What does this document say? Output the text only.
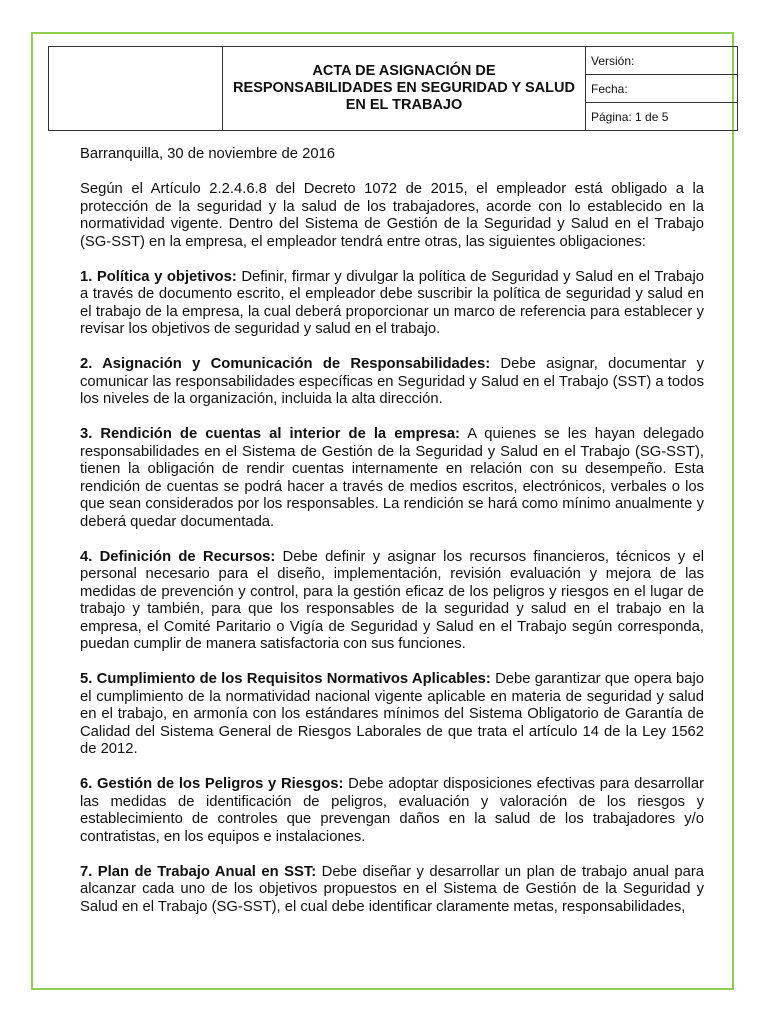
	ACTA DE ASIGNACIÓN DE RESPONSABILIDADES EN SEGURIDAD Y SALUD EN EL TRABAJO	Versión:
Fecha:
Página: 1 de 5

Barranquilla, 30 de noviembre de 2016

Según el Artículo 2.2.4.6.8 del Decreto 1072 de 2015, el empleador está obligado a la protección de la seguridad y la salud de los trabajadores, acorde con lo establecido en la normatividad vigente. Dentro del Sistema de Gestión de la Seguridad y Salud en el Trabajo (SG-SST) en la empresa, el empleador tendrá entre otras, las siguientes obligaciones:

1. Política y objetivos: Definir, firmar y divulgar la política de Seguridad y Salud en el Trabajo a través de documento escrito, el empleador debe suscribir la política de seguridad y salud en el trabajo de la empresa, la cual deberá proporcionar un marco de referencia para establecer y revisar los objetivos de seguridad y salud en el trabajo.

2. Asignación y Comunicación de Responsabilidades: Debe asignar, documentar y comunicar las responsabilidades específicas en Seguridad y Salud en el Trabajo (SST) a todos los niveles de la organización, incluida la alta dirección.

3. Rendición de cuentas al interior de la empresa: A quienes se les hayan delegado responsabilidades en el Sistema de Gestión de la Seguridad y Salud en el Trabajo (SG-SST), tienen la obligación de rendir cuentas internamente en relación con su desempeño. Esta rendición de cuentas se podrá hacer a través de medios escritos, electrónicos, verbales o los que sean considerados por los responsables. La rendición se hará como mínimo anualmente y deberá quedar documentada.

4. Definición de Recursos: Debe definir y asignar los recursos financieros, técnicos y el personal necesario para el diseño, implementación, revisión evaluación y mejora de las medidas de prevención y control, para la gestión eficaz de los peligros y riesgos en el lugar de trabajo y también, para que los responsables de la seguridad y salud en el trabajo en la empresa, el Comité Paritario o Vigía de Seguridad y Salud en el Trabajo según corresponda, puedan cumplir de manera satisfactoria con sus funciones.

5. Cumplimiento de los Requisitos Normativos Aplicables: Debe garantizar que opera bajo el cumplimiento de la normatividad nacional vigente aplicable en materia de seguridad y salud en el trabajo, en armonía con los estándares mínimos del Sistema Obligatorio de Garantía de Calidad del Sistema General de Riesgos Laborales de que trata el artículo 14 de la Ley 1562 de 2012.

6. Gestión de los Peligros y Riesgos: Debe adoptar disposiciones efectivas para desarrollar las medidas de identificación de peligros, evaluación y valoración de los riesgos y establecimiento de controles que prevengan daños en la salud de los trabajadores y/o contratistas, en los equipos e instalaciones.

7. Plan de Trabajo Anual en SST: Debe diseñar y desarrollar un plan de trabajo anual para alcanzar cada uno de los objetivos propuestos en el Sistema de Gestión de la Seguridad y Salud en el Trabajo (SG-SST), el cual debe identificar claramente metas, responsabilidades,
